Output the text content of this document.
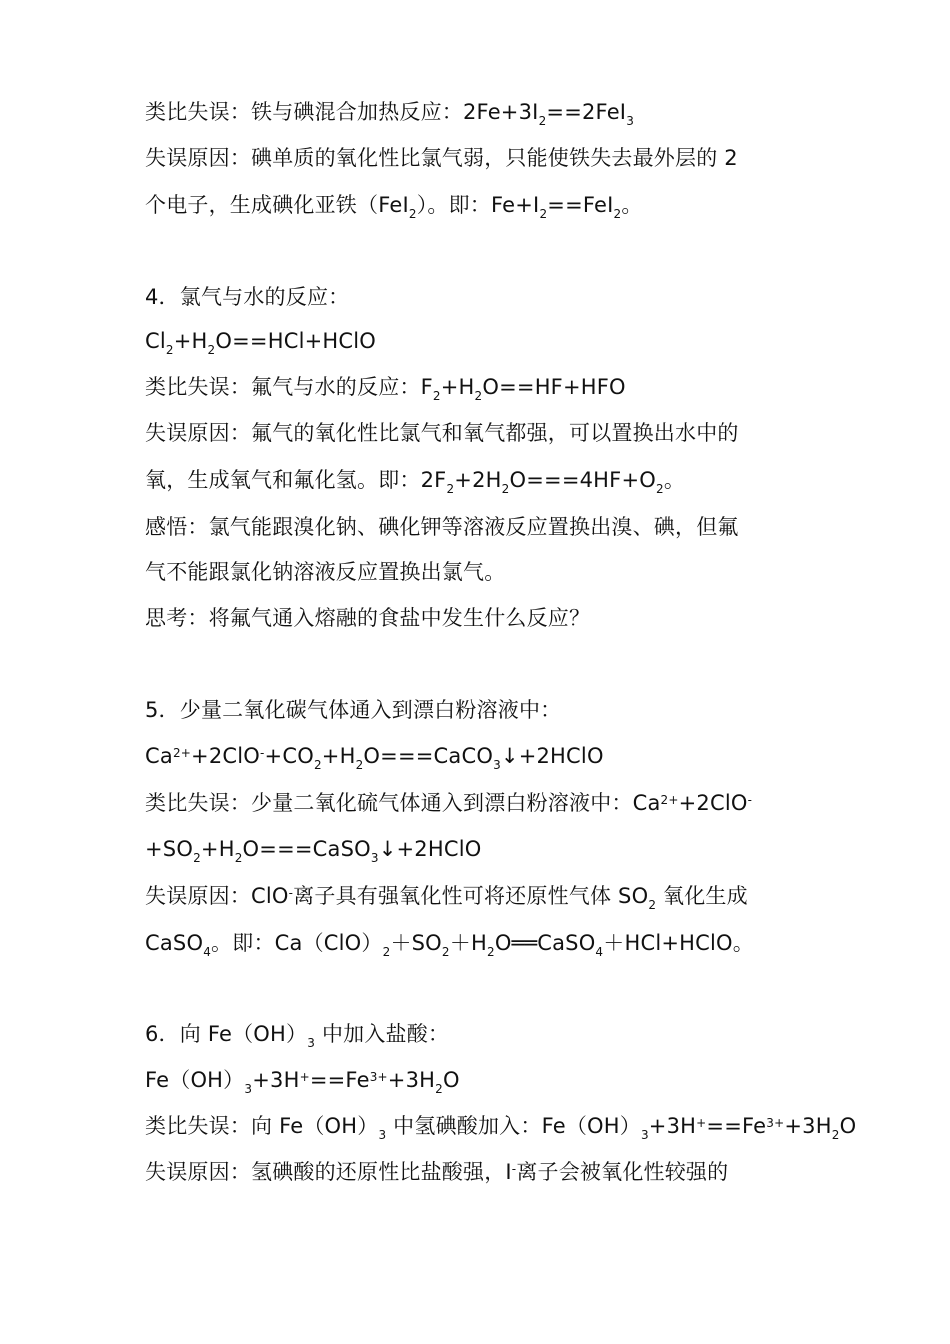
类比失误：铁与碘混合加热反应：$2Fe+3I_2==2FeI_3$
失误原因：碘单质的氧化性比氯气弱，只能使铁失去最外层的 2
个电子，生成碘化亚铁（FeI$_2$）。即：$Fe+I_2==FeI_2$。
4．氯气与水的反应：
$Cl_2+H_2O==HCl+HClO$
类比失误：氟气与水的反应：$F_2+H_2O==HF+HFO$
失误原因：氟气的氧化性比氯气和氧气都强，可以置换出水中的
氧，生成氧气和氟化氢。即：$2F_2+2H_2O===4HF+O_2$。
感悟：氯气能跟溴化钠、碘化钾等溶液反应置换出溴、碘，但氟
气不能跟氯化钠溶液反应置换出氯气。
思考：将氟气通入熔融的食盐中发生什么反应？
5．少量二氧化碳气体通入到漂白粉溶液中：
$Ca^{2+}+2ClO^-+CO_2+H_2O===CaCO_3↓+2HClO$
类比失误：少量二氧化硫气体通入到漂白粉溶液中：$Ca^{2+}+2ClO^-$
$+SO_2+H_2O===CaSO_3↓+2HClO$
失误原因：ClO-离子具有强氧化性可将还原性气体 $SO_2$ 氧化生成
CaSO$_4$。即：$Ca(ClO)_2+SO_2+H_2O══CaSO_4+HCl+HClO$。
6．向 $Fe(OH)_3$ 中加入盐酸：
$Fe(OH)_3+3H^+==Fe^{3+}+3H_2O$
类比失误：向 $Fe(OH)_3$ 中氢碘酸加入：$Fe(OH)_3+3H^+==Fe^{3+}+3H_2O$
失误原因：氢碘酸的还原性比盐酸强，I-离子会被氧化性较强的
